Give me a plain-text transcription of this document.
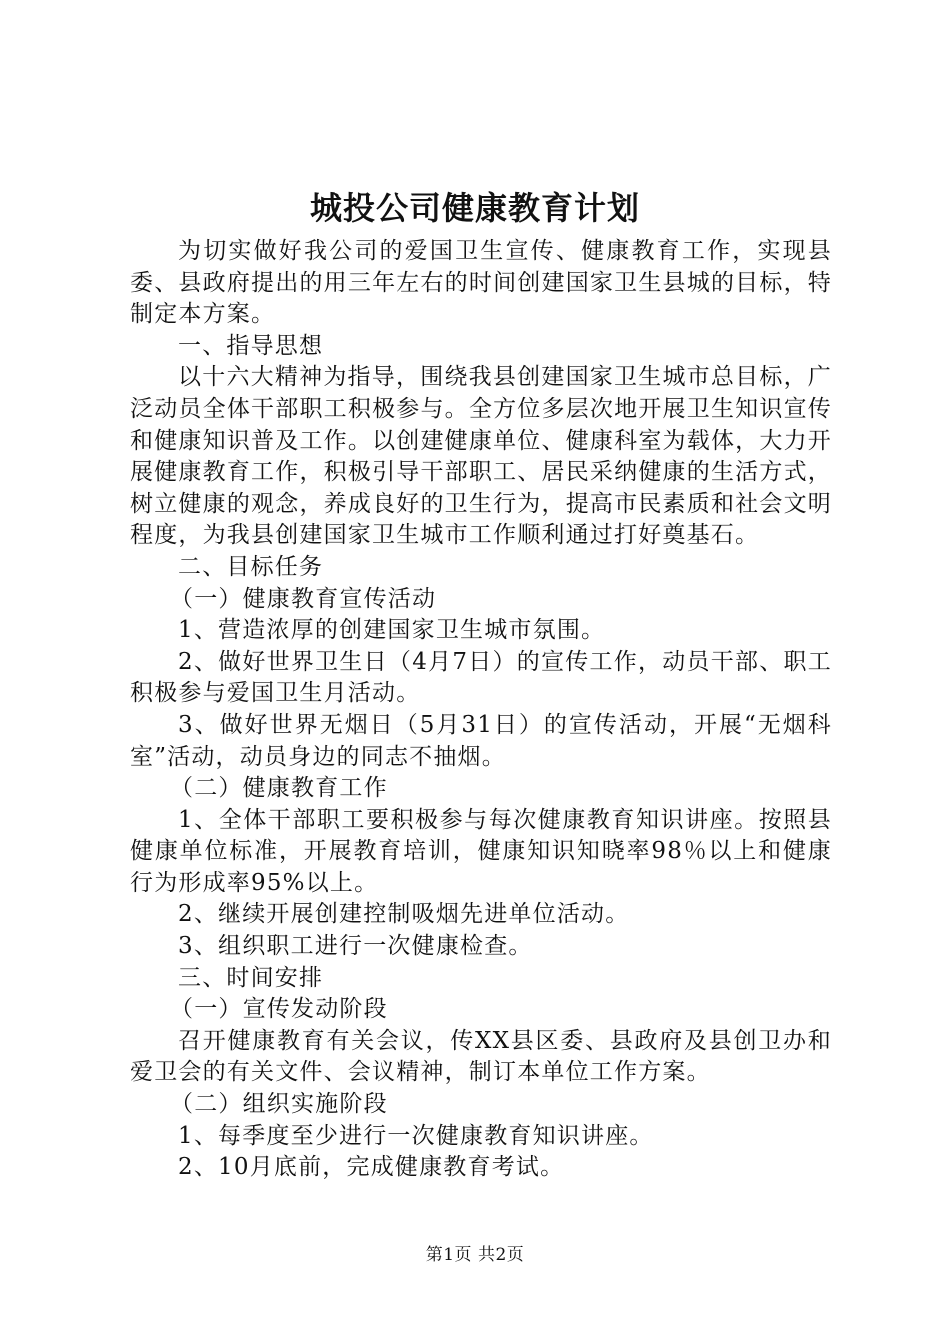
城投公司健康教育计划

为切实做好我公司的爱国卫生宣传、健康教育工作，实现县委、县政府提出的用三年左右的时间创建国家卫生县城的目标，特制定本方案。

一、指导思想

以十六大精神为指导，围绕我县创建国家卫生城市总目标，广泛动员全体干部职工积极参与。全方位多层次地开展卫生知识宣传和健康知识普及工作。以创建健康单位、健康科室为载体，大力开展健康教育工作，积极引导干部职工、居民采纳健康的生活方式，树立健康的观念，养成良好的卫生行为，提高市民素质和社会文明程度，为我县创建国家卫生城市工作顺利通过打好奠基石。

二、目标任务

（一）健康教育宣传活动

1、营造浓厚的创建国家卫生城市氛围。

2、做好世界卫生日（4月7日）的宣传工作，动员干部、职工积极参与爱国卫生月活动。

3、做好世界无烟日（5月31日）的宣传活动，开展“无烟科室”活动，动员身边的同志不抽烟。

（二）健康教育工作

1、全体干部职工要积极参与每次健康教育知识讲座。按照县健康单位标准，开展教育培训，健康知识知晓率98％以上和健康行为形成率95%以上。

2、继续开展创建控制吸烟先进单位活动。

3、组织职工进行一次健康检查。

三、时间安排

（一）宣传发动阶段

召开健康教育有关会议，传XX县区委、县政府及县创卫办和爱卫会的有关文件、会议精神，制订本单位工作方案。

（二）组织实施阶段

1、每季度至少进行一次健康教育知识讲座。

2、10月底前，完成健康教育考试。

第1页 共2页
